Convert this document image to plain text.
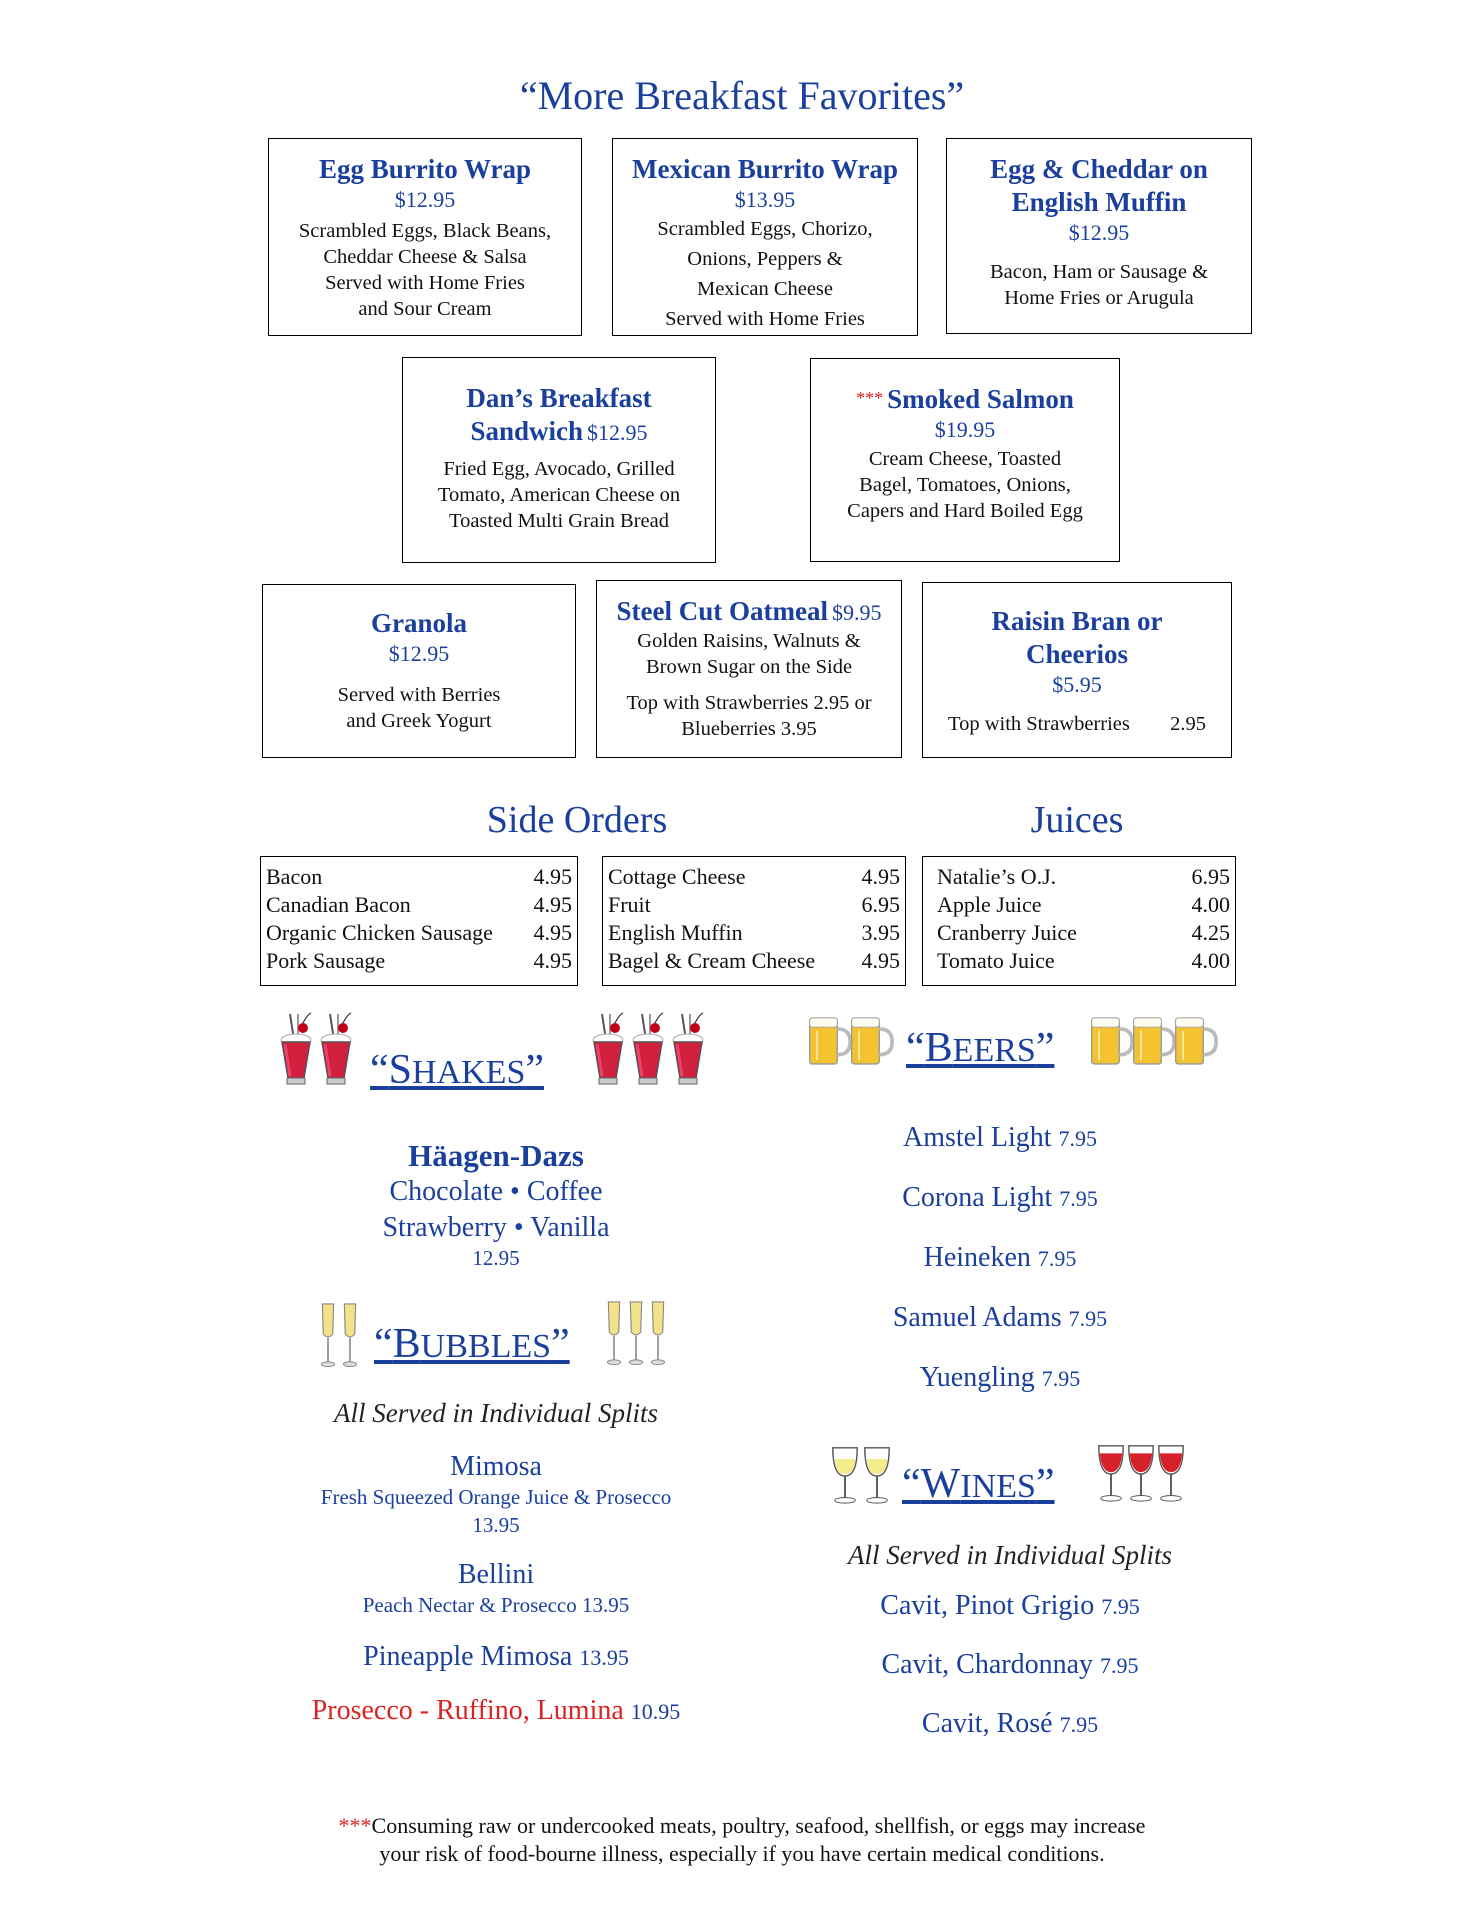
“More Breakfast Favorites”
Egg Burrito Wrap
$12.95
Scrambled Eggs, Black Beans,
Cheddar Cheese & Salsa
Served with Home Fries
and Sour Cream
Mexican Burrito Wrap
$13.95
Scrambled Eggs, Chorizo,
Onions, Peppers &
Mexican Cheese
Served with Home Fries
Egg & Cheddar on
English Muffin
$12.95
Bacon, Ham or Sausage &
Home Fries or Arugula
Dan’s Breakfast
Sandwich $12.95
Fried Egg, Avocado, Grilled
Tomato, American Cheese on
Toasted Multi Grain Bread
*** Smoked Salmon
$19.95
Cream Cheese, Toasted
Bagel, Tomatoes, Onions,
Capers and Hard Boiled Egg
Granola
$12.95
Served with Berries
and Greek Yogurt
Steel Cut Oatmeal $9.95
Golden Raisins, Walnuts &
Brown Sugar on the Side
Top with Strawberries 2.95 or
Blueberries 3.95
Raisin Bran or
Cheerios
$5.95
Top with Strawberries 2.95
Side Orders	Juices
Bacon	4.95
Canadian Bacon	4.95
Organic Chicken Sausage 4.95
Pork Sausage	4.95
Cottage Cheese	4.95
Fruit	6.95
English Muffin	3.95
Bagel & Cream Cheese 4.95
Natalie’s O.J.	6.95
Apple Juice	4.00
Cranberry Juice	4.25
Tomato Juice	4.00
“SHAKES”
Häagen-Dazs
Chocolate • Coffee
Strawberry • Vanilla
12.95
“BUBBLES”
All Served in Individual Splits
Mimosa
Fresh Squeezed Orange Juice & Prosecco
13.95
Bellini
Peach Nectar & Prosecco 13.95
Pineapple Mimosa 13.95
Prosecco - Ruffino, Lumina 10.95
“BEERS”
Amstel Light 7.95
Corona Light 7.95
Heineken 7.95
Samuel Adams 7.95
Yuengling 7.95
“WINES”
All Served in Individual Splits
Cavit, Pinot Grigio 7.95
Cavit, Chardonnay 7.95
Cavit, Rosé 7.95
***Consuming raw or undercooked meats, poultry, seafood, shellfish, or eggs may increase
your risk of food-bourne illness, especially if you have certain medical conditions.
